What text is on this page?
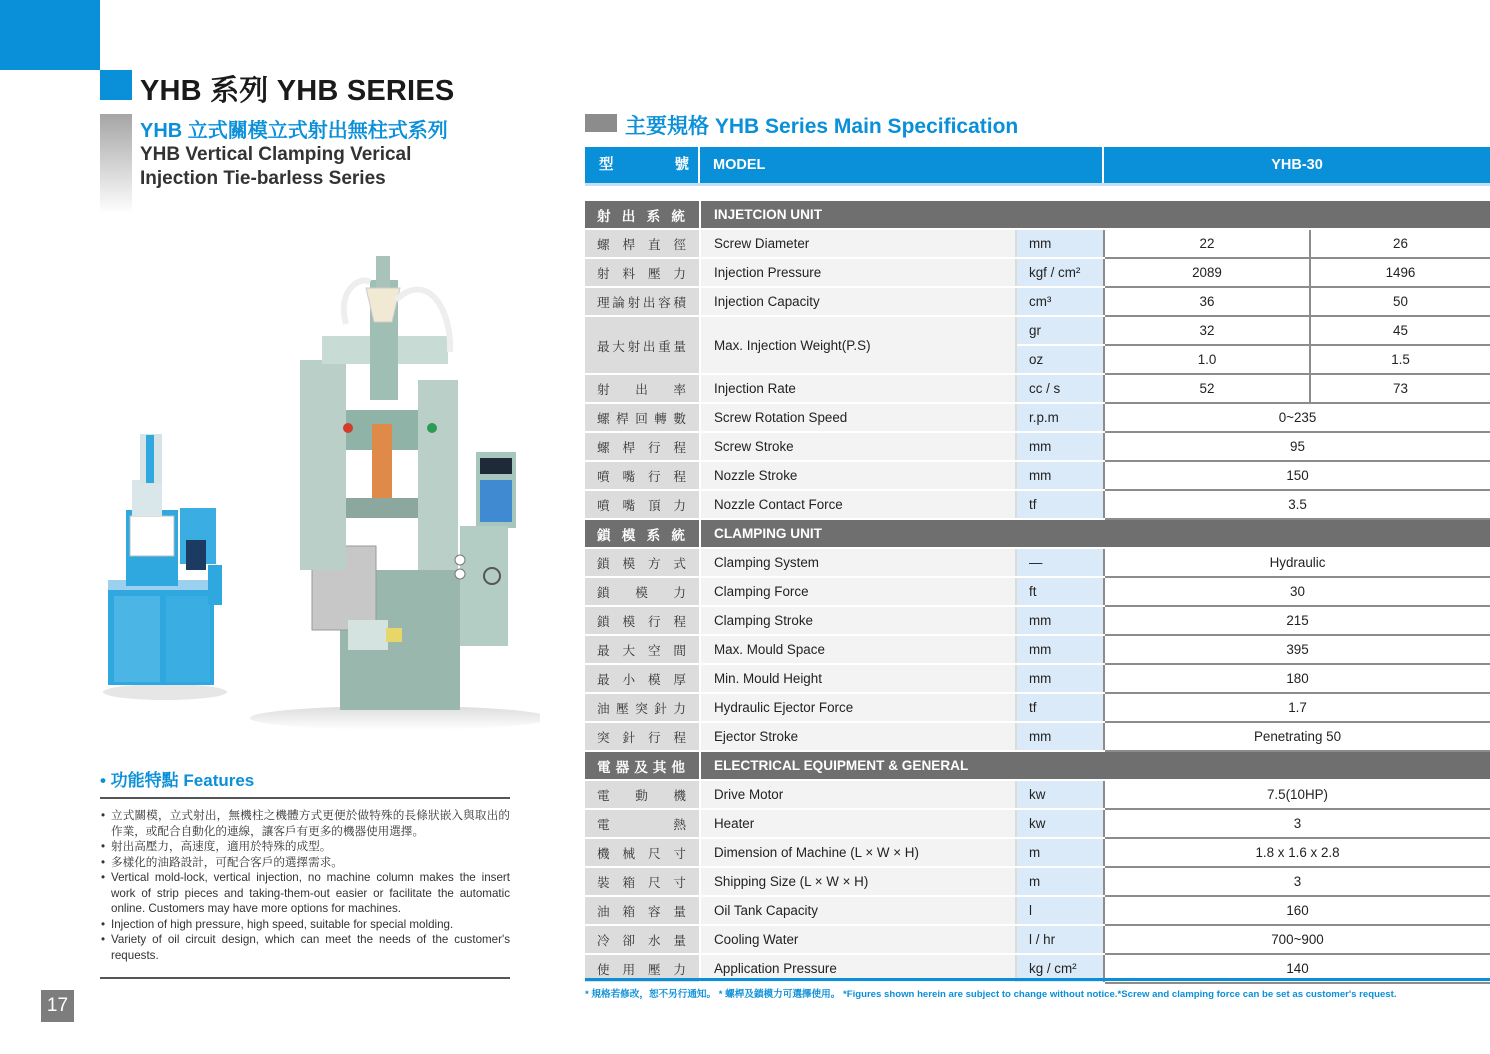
YHB 系列 YHB SERIES
YHB 立式關模立式射出無柱式系列
YHB Vertical Clamping Verical
Injection Tie-barless Series
• 功能特點 Features
• 立式關模，立式射出，無機柱之機體方式更便於做特殊的長條狀嵌入與取出的作業，或配合自動化的連線，讓客戶有更多的機器使用選擇。
• 射出高壓力，高速度，適用於特殊的成型。
• 多樣化的油路設計，可配合客戶的選擇需求。
• Vertical mold-lock, vertical injection, no machine column makes the insert work of strip pieces and taking-them-out easier or facilitate the automatic online. Customers may have more options for machines.
• Injection of high pressure, high speed, suitable for special molding.
• Variety of oil circuit design, which can meet the needs of the customer's requests.
17
主要規格 YHB Series Main Specification
型號 MODEL	YHB-30
射出系統	INJETCION UNIT			

螺桿直徑	Screw Diameter	mm	22	26

射料壓力	Injection Pressure	kgf / cm²	2089	1496

理論射出容積	Injection Capacity	cm³	36	50

最大射出重量	Max. Injection Weight(P.S)	gr	32	45
		oz	1.0	1.5

射出率	Injection Rate	cc / s	52	73

螺桿回轉數	Screw Rotation Speed	r.p.m	0~235	

螺桿行程	Screw Stroke	mm	95	

噴嘴行程	Nozzle Stroke	mm	150	

噴嘴頂力	Nozzle Contact Force	tf	3.5	

鎖模系統	CLAMPING UNIT			

鎖模方式	Clamping System	—	Hydraulic	

鎖模力	Clamping Force	ft	30	

鎖模行程	Clamping Stroke	mm	215	

最大空間	Max. Mould Space	mm	395	

最小模厚	Min. Mould Height	mm	180	

油壓突針力	Hydraulic Ejector Force	tf	1.7	

突針行程	Ejector Stroke	mm	Penetrating 50	

電器及其他	ELECTRICAL EQUIPMENT & GENERAL			

電動機	Drive Motor	kw	7.5(10HP)	

電熱	Heater	kw	3	

機械尺寸	Dimension of Machine (L × W × H)	m	1.8 x 1.6 x 2.8	

裝箱尺寸	Shipping Size (L × W × H)	m	3	

油箱容量	Oil Tank Capacity	l	160	

冷卻水量	Cooling Water	l / hr	700~900	

使用壓力	Application Pressure	kg / cm²	140	
* 規格若修改，恕不另行通知。 * 螺桿及鎖模力可選擇使用。 *Figures shown herein are subject to change without notice.*Screw and clamping force can be set as customer's request.
